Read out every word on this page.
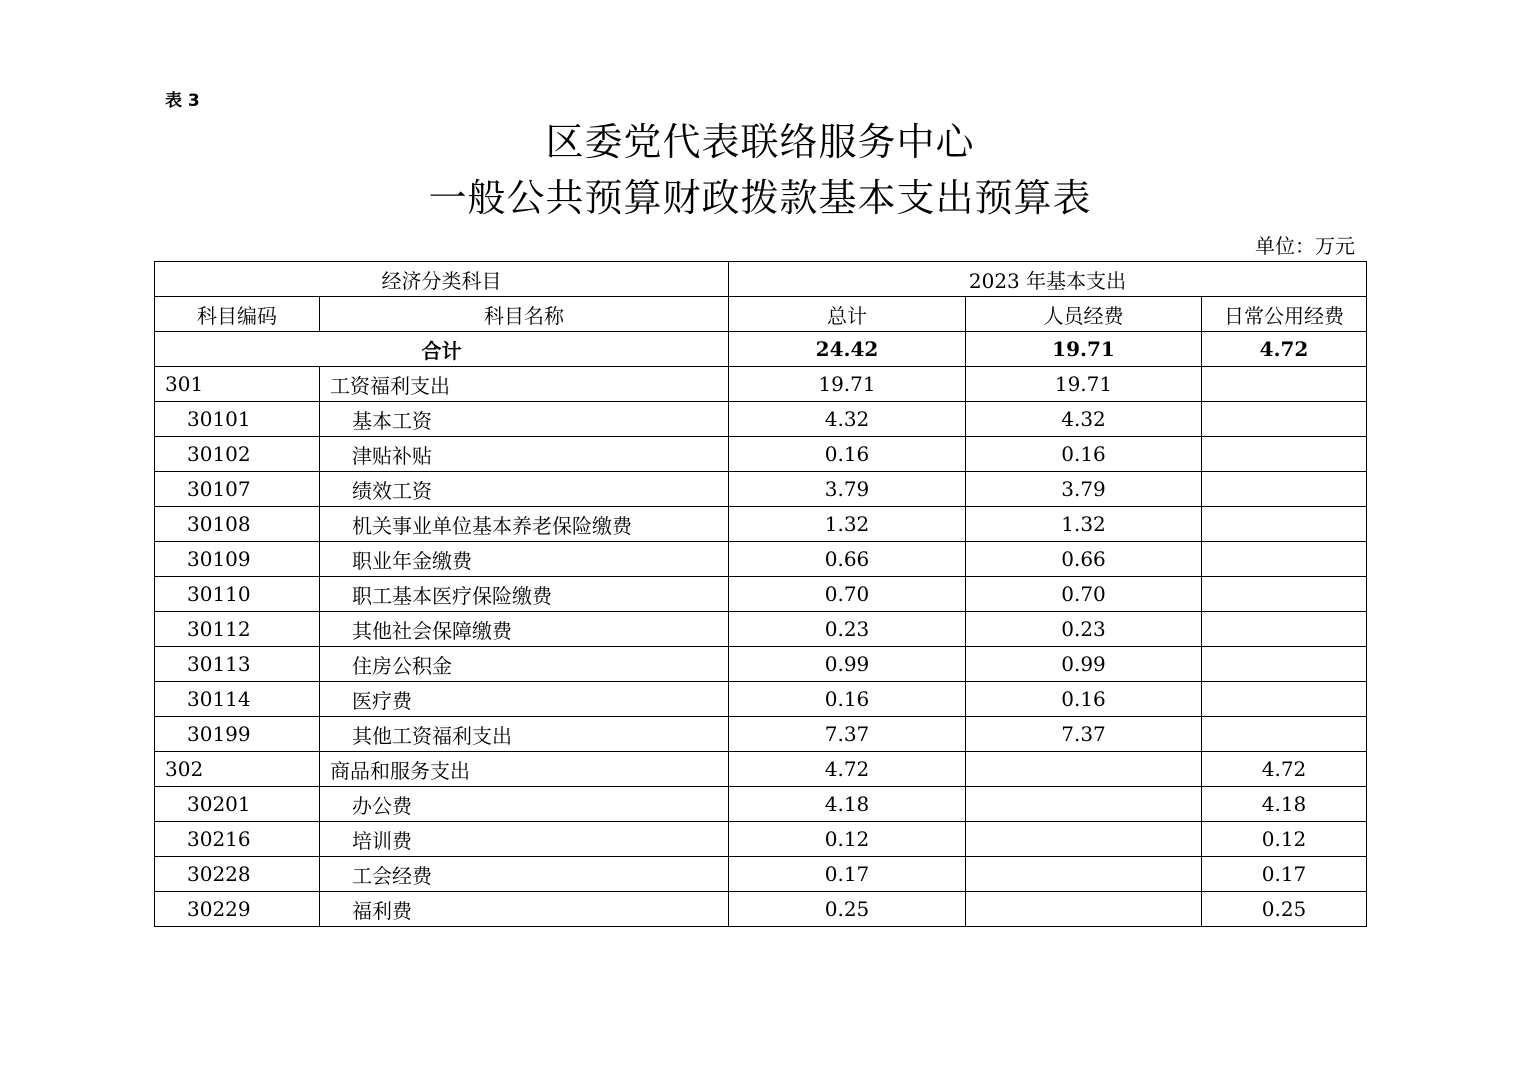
表 3
区委党代表联络服务中心
一般公共预算财政拨款基本支出预算表
单位：万元
经济分类科目		2023 年基本支出		
科目编码	科目名称	总计	人员经费	日常公用经费
合计		24.42	19.71	4.72
301	工资福利支出	19.71	19.71	
30101	基本工资	4.32	4.32	
30102	津贴补贴	0.16	0.16	
30107	绩效工资	3.79	3.79	
30108	机关事业单位基本养老保险缴费	1.32	1.32	
30109	职业年金缴费	0.66	0.66	
30110	职工基本医疗保险缴费	0.70	0.70	
30112	其他社会保障缴费	0.23	0.23	
30113	住房公积金	0.99	0.99	
30114	医疗费	0.16	0.16	
30199	其他工资福利支出	7.37	7.37	
302	商品和服务支出	4.72		4.72
30201	办公费	4.18		4.18
30216	培训费	0.12		0.12
30228	工会经费	0.17		0.17
30229	福利费	0.25		0.25
